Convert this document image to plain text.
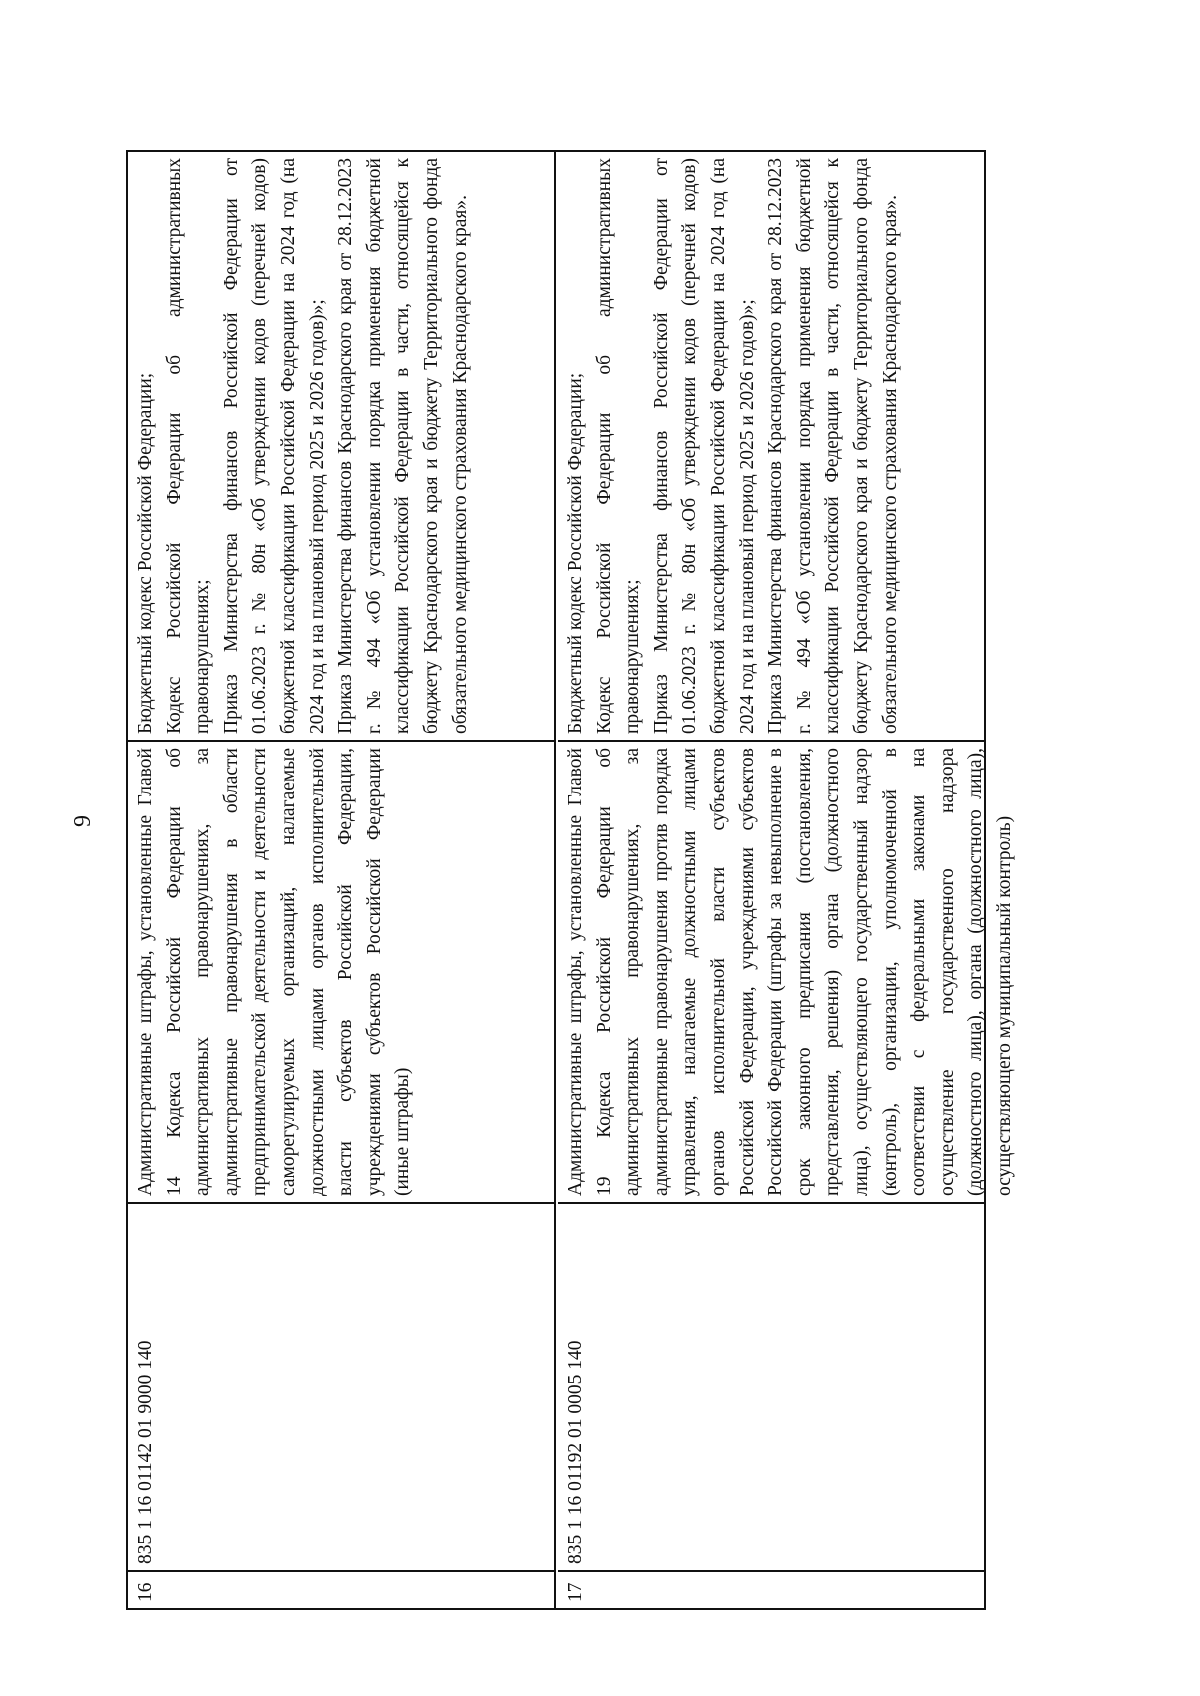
9
16
835 1 16 01142 01 9000 140
Административные штрафы, установленные Главой 14 Кодекса Российской Федерации об административных правонарушениях, за административные правонарушения в области предпринимательской деятельности и деятельности саморегулируемых организаций, налагаемые должностными лицами органов исполнительной власти субъектов Российской Федерации, учреждениями субъектов Российской Федерации (иные штрафы)
Бюджетный кодекс Российской Федерации; Кодекс Российской Федерации об административных правонарушениях; Приказ Министерства финансов Российской Федерации от 01.06.2023 г. № 80н «Об утверждении кодов (перечней кодов) бюджетной классификации Российской Федерации на 2024 год (на 2024 год и на плановый период 2025 и 2026 годов)»; Приказ Министерства финансов Краснодарского края от 28.12.2023 г. № 494 «Об установлении порядка применения бюджетной классификации Российской Федерации в части, относящейся к бюджету Краснодарского края и бюджету Территориального фонда обязательного медицинского страхования Краснодарского края».
17
835 1 16 01192 01 0005 140
Административные штрафы, установленные Главой 19 Кодекса Российской Федерации об административных правонарушениях, за административные правонарушения против порядка управления, налагаемые должностными лицами органов исполнительной власти субъектов Российской Федерации, учреждениями субъектов Российской Федерации (штрафы за невыполнение в срок законного предписания (постановления, представления, решения) органа (должностного лица), осуществляющего государственный надзор (контроль), организации, уполномоченной в соответствии с федеральными законами на осуществление государственного надзора (должностного лица), органа (должностного лица), осуществляющего муниципальный контроль)
Бюджетный кодекс Российской Федерации; Кодекс Российской Федерации об административных правонарушениях; Приказ Министерства финансов Российской Федерации от 01.06.2023 г. № 80н «Об утверждении кодов (перечней кодов) бюджетной классификации Российской Федерации на 2024 год (на 2024 год и на плановый период 2025 и 2026 годов)»; Приказ Министерства финансов Краснодарского края от 28.12.2023 г. № 494 «Об установлении порядка применения бюджетной классификации Российской Федерации в части, относящейся к бюджету Краснодарского края и бюджету Территориального фонда обязательного медицинского страхования Краснодарского края».
